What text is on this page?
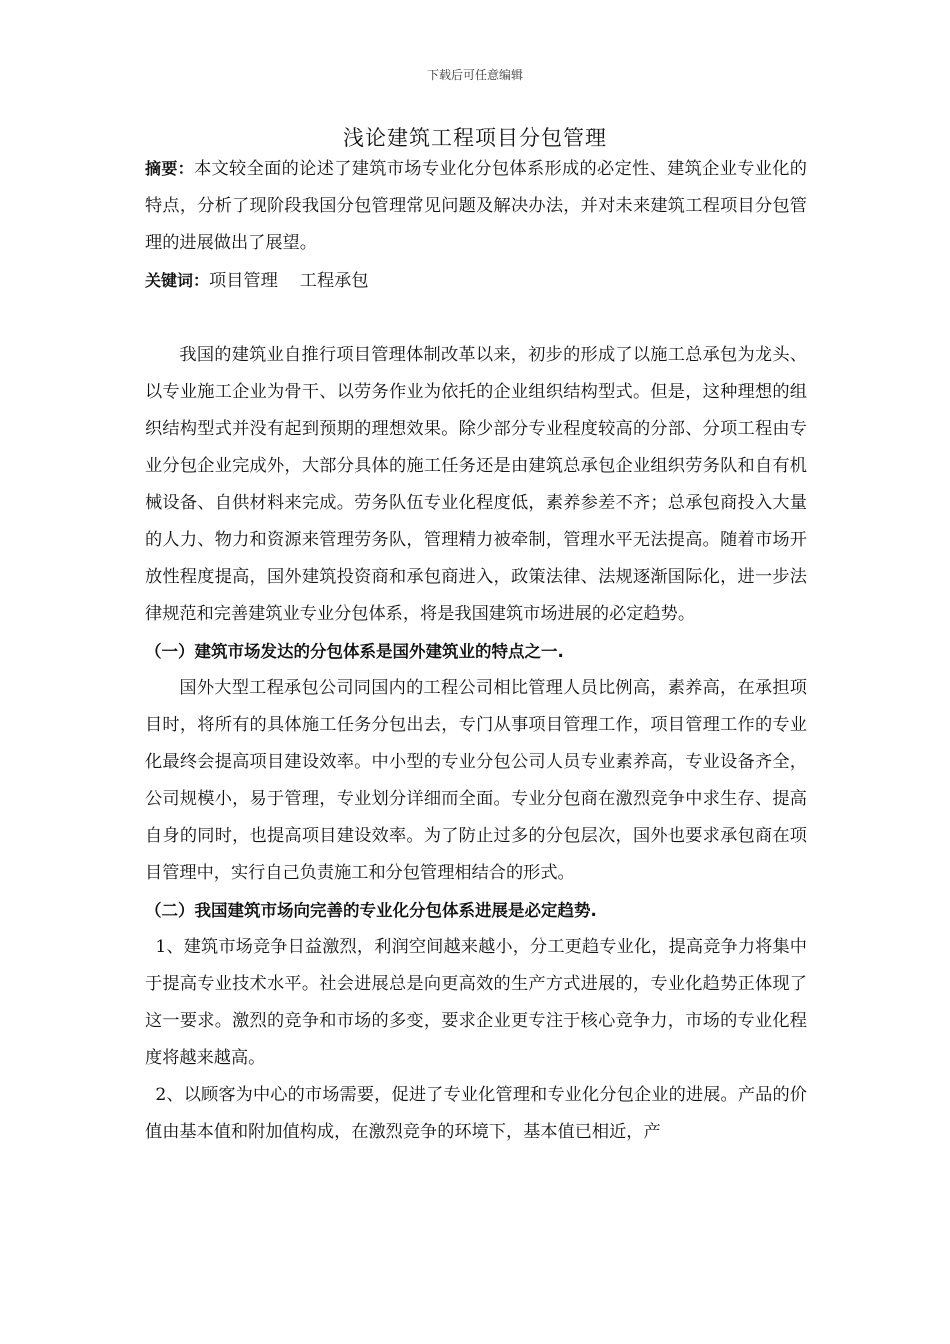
下载后可任意编辑
浅论建筑工程项目分包管理

摘要：本文较全面的论述了建筑市场专业化分包体系形成的必定性、建筑企业专业化的特点，分析了现阶段我国分包管理常见问题及解决办法，并对未来建筑工程项目分包管理的进展做出了展望。

关键词：项目管理 工程承包

我国的建筑业自推行项目管理体制改革以来，初步的形成了以施工总承包为龙头、以专业施工企业为骨干、以劳务作业为依托的企业组织结构型式。但是，这种理想的组织结构型式并没有起到预期的理想效果。除少部分专业程度较高的分部、分项工程由专业分包企业完成外，大部分具体的施工任务还是由建筑总承包企业组织劳务队和自有机械设备、自供材料来完成。劳务队伍专业化程度低，素养参差不齐；总承包商投入大量的人力、物力和资源来管理劳务队，管理精力被牵制，管理水平无法提高。随着市场开放性程度提高，国外建筑投资商和承包商进入，政策法律、法规逐渐国际化，进一步法律规范和完善建筑业专业分包体系，将是我国建筑市场进展的必定趋势。

（一）建筑市场发达的分包体系是国外建筑业的特点之一.

国外大型工程承包公司同国内的工程公司相比管理人员比例高，素养高，在承担项目时，将所有的具体施工任务分包出去，专门从事项目管理工作，项目管理工作的专业化最终会提高项目建设效率。中小型的专业分包公司人员专业素养高，专业设备齐全，公司规模小，易于管理，专业划分详细而全面。专业分包商在激烈竞争中求生存、提高自身的同时，也提高项目建设效率。为了防止过多的分包层次，国外也要求承包商在项目管理中，实行自己负责施工和分包管理相结合的形式。

（二）我国建筑市场向完善的专业化分包体系进展是必定趋势.

1、建筑市场竞争日益激烈，利润空间越来越小，分工更趋专业化，提高竞争力将集中于提高专业技术水平。社会进展总是向更高效的生产方式进展的，专业化趋势正体现了这一要求。激烈的竞争和市场的多变，要求企业更专注于核心竞争力，市场的专业化程度将越来越高。

2、以顾客为中心的市场需要，促进了专业化管理和专业化分包企业的进展。产品的价值由基本值和附加值构成，在激烈竞争的环境下，基本值已相近，产
